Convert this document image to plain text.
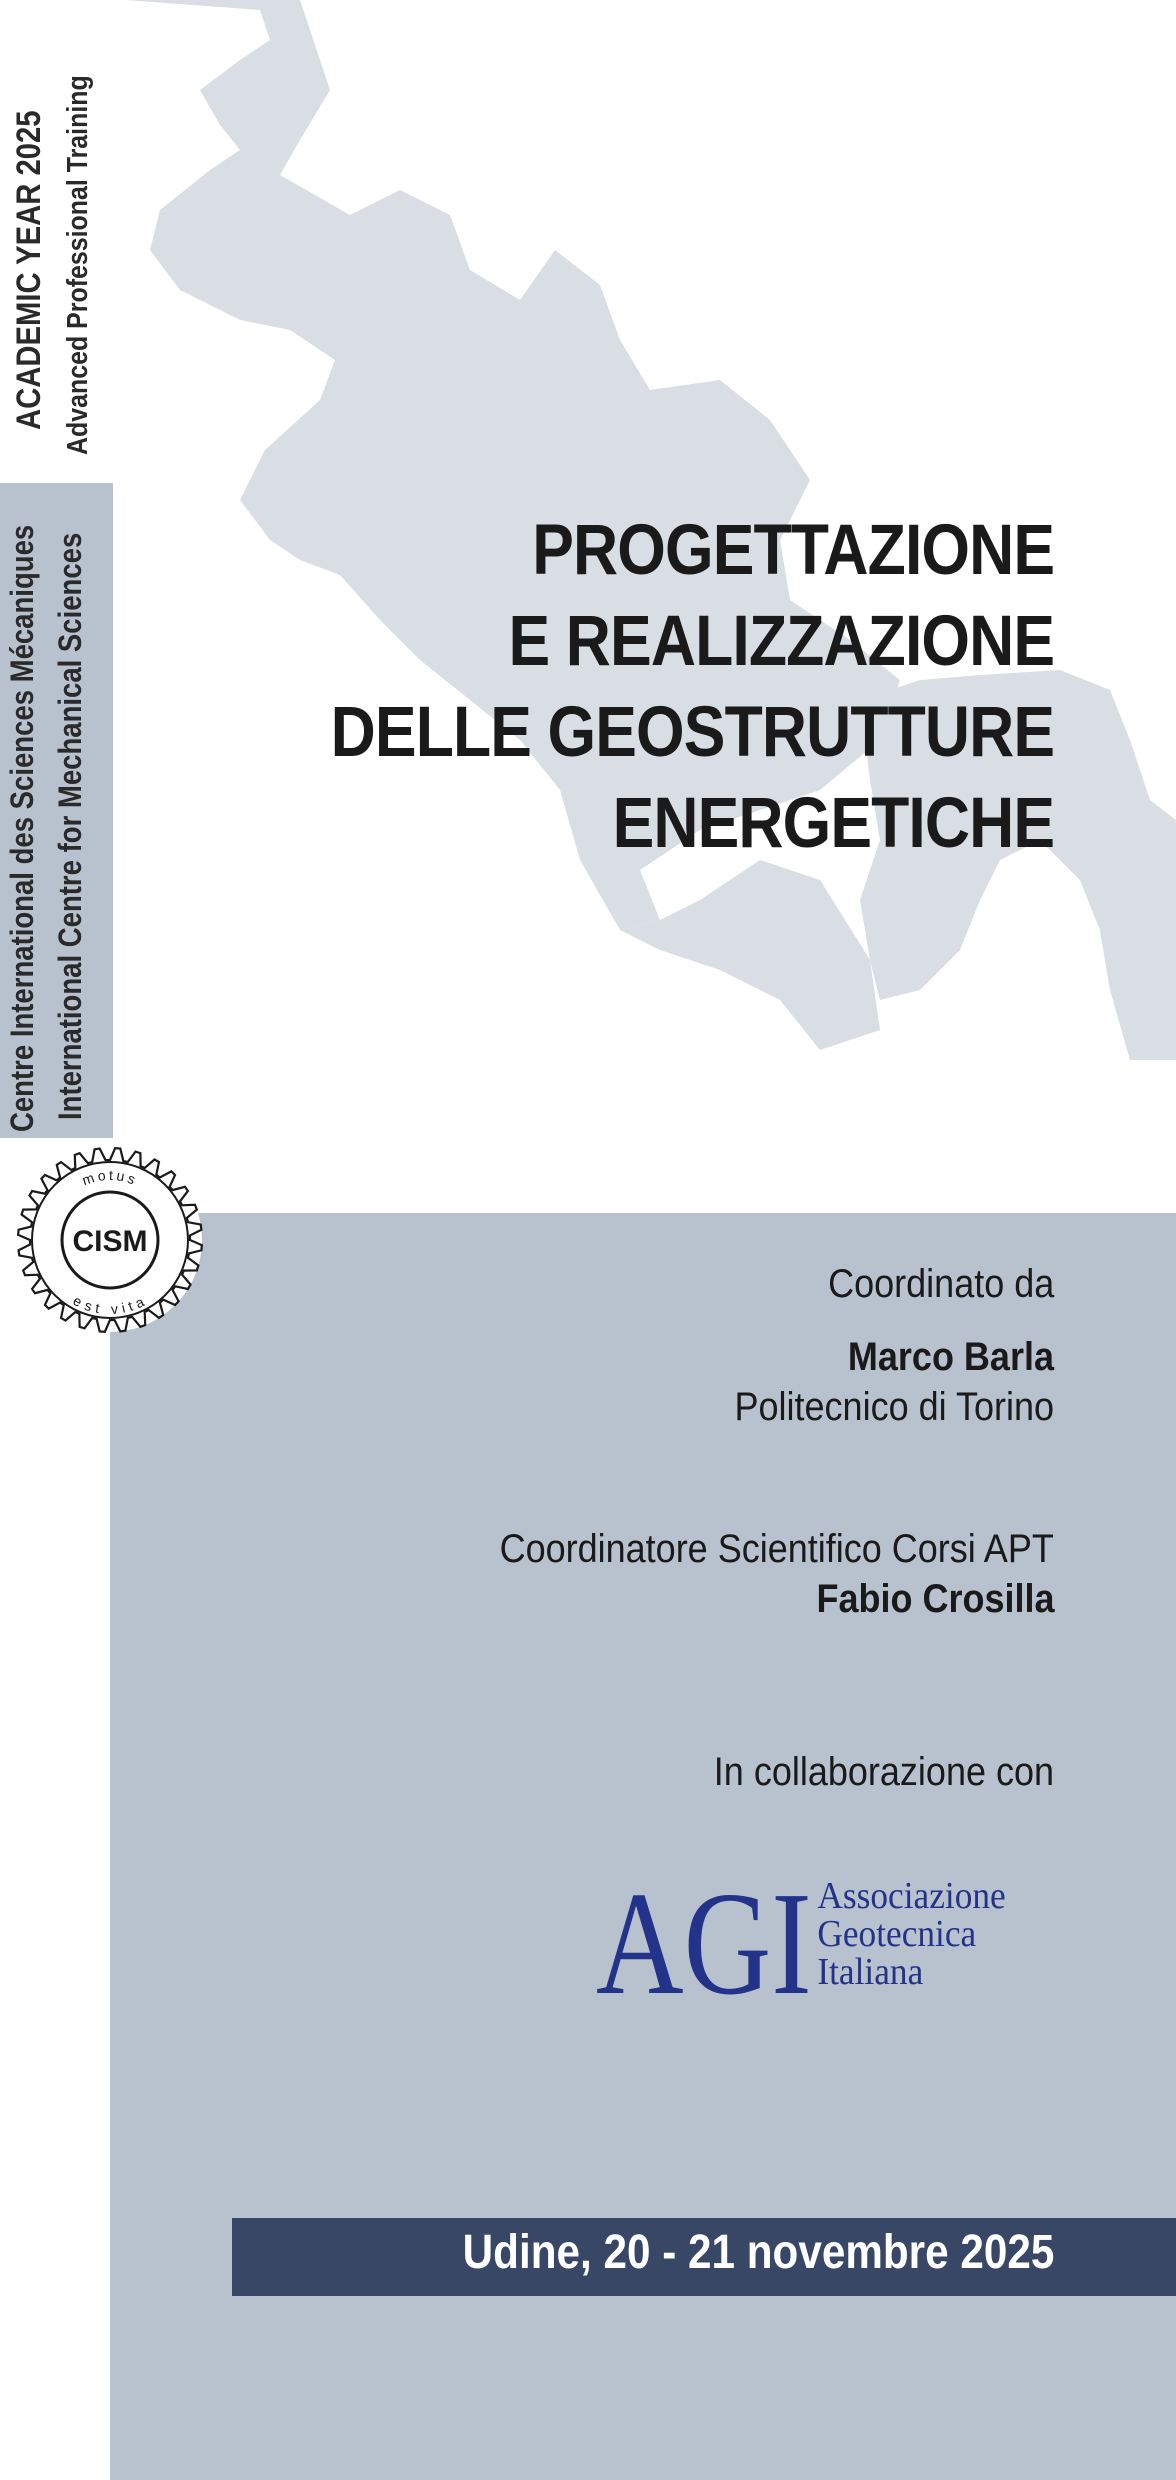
ACADEMIC YEAR 2025 Advanced Professional Training
Centre International des Sciences Mécaniques International Centre for Mechanical Sciences
CISM
motus
est vita
PROGETTAZIONE
E REALIZZAZIONE
DELLE GEOSTRUTTURE
ENERGETICHE
Coordinato da
Marco Barla
Politecnico di Torino
Coordinatore Scientifico Corsi APT
Fabio Crosilla
In collaborazione con
AGI Associazione
Geotecnica
Italiana
Udine, 20 - 21 novembre 2025
